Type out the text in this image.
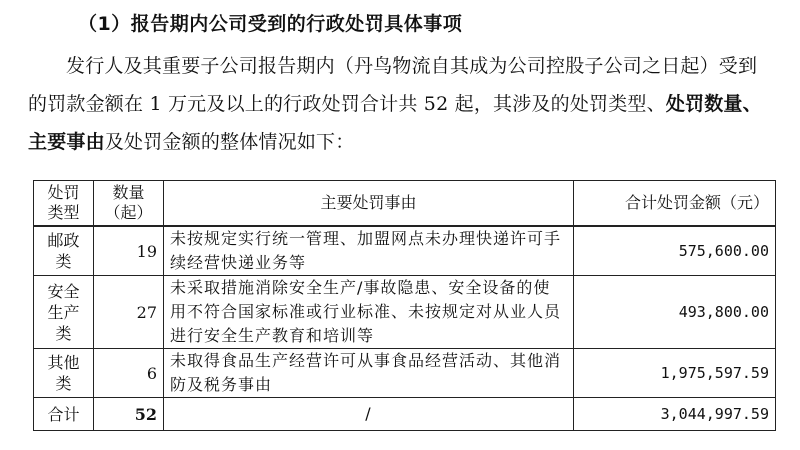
（1）报告期内公司受到的行政处罚具体事项
发行人及其重要子公司报告期内（丹鸟物流自其成为公司控股子公司之日起）受到的罚款金额在 1 万元及以上的行政处罚合计共 52 起，其涉及的处罚类型、处罚数量、主要事由及处罚金额的整体情况如下：
处罚类型	数量（起）	主要处罚事由	合计处罚金额（元）
邮政类	19	未按规定实行统一管理、加盟网点未办理快递许可手续经营快递业务等	575,600.00
安全生产类	27	未采取措施消除安全生产/事故隐患、安全设备的使用不符合国家标准或行业标准、未按规定对从业人员进行安全生产教育和培训等	493,800.00
其他类	6	未取得食品生产经营许可从事食品经营活动、其他消防及税务事由	1,975,597.59
合计	52	/	3,044,997.59
